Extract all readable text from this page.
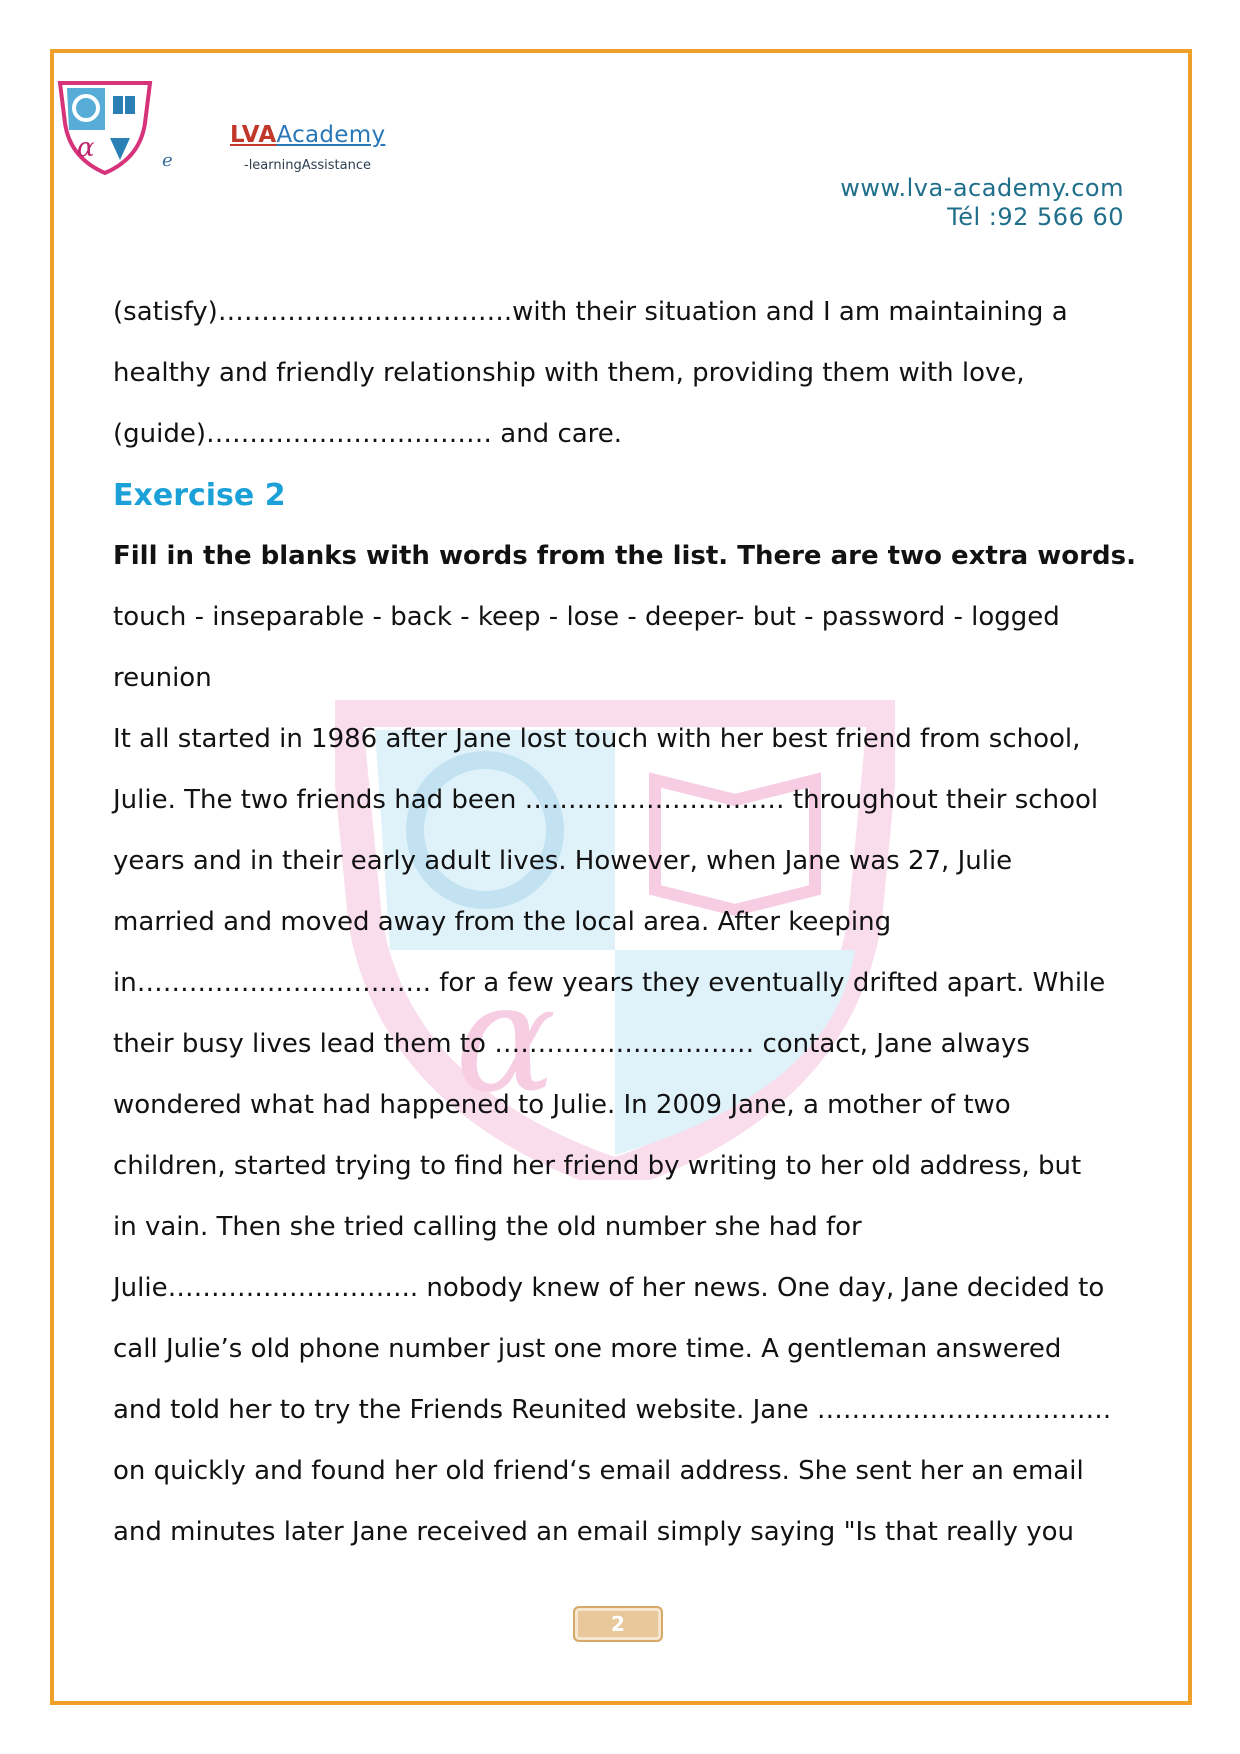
α	e
LVAAcademy
-learningAssistance
www.lva-academy.com
Tél :92 566 60
α
(satisfy)…………………………….with their situation and I am maintaining a
healthy and friendly relationship with them, providing them with love,
(guide)…………………………… and care.
Exercise 2
Fill in the blanks with words from the list. There are two extra words.
touch - inseparable - back - keep - lose - deeper- but - password - logged
reunion
It all started in 1986 after Jane lost touch with her best friend from school,
Julie. The two friends had been ………………………… throughout their school
years and in their early adult lives. However, when Jane was 27, Julie
married and moved away from the local area. After keeping
in……………………………. for a few years they eventually drifted apart. While
their busy lives lead them to ………………………… contact, Jane always
wondered what had happened to Julie. In 2009 Jane, a mother of two
children, started trying to find her friend by writing to her old address, but
in vain. Then she tried calling the old number she had for
Julie……………………….. nobody knew of her news. One day, Jane decided to
call Julie’s old phone number just one more time. A gentleman answered
and told her to try the Friends Reunited website. Jane …………………………….
on quickly and found her old friend‘s email address. She sent her an email
and minutes later Jane received an email simply saying "Is that really you
2
